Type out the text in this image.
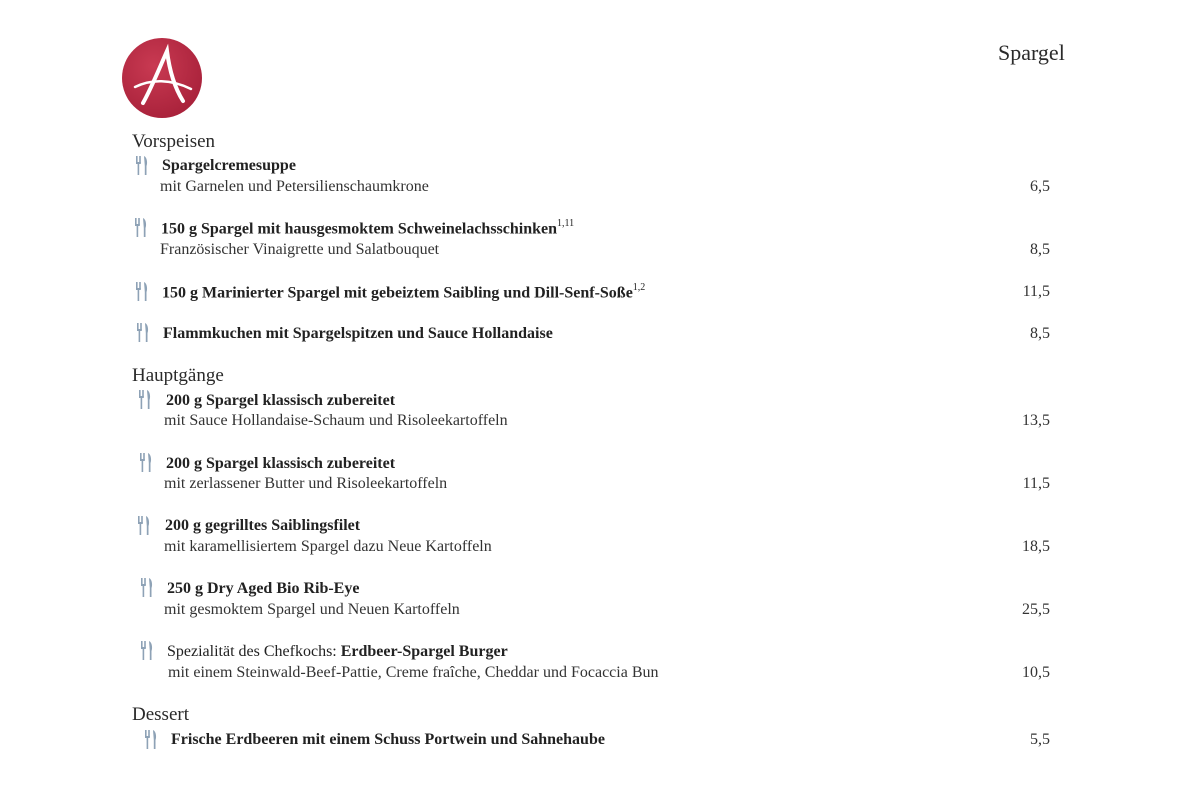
Spargel
Vorspeisen
Hauptgänge
Dessert
Spargelcremesuppe
mit Garnelen und Petersilienschaumkrone	6,5
150 g Spargel mit hausgesmoktem Schweinelachsschinken$^{1,11}$
Französischer Vinaigrette und Salatbouquet	8,5
150 g Marinierter Spargel mit gebeiztem Saibling und Dill-Senf-Soße$^{1,2}$	11,5
Flammkuchen mit Spargelspitzen und Sauce Hollandaise	8,5
200 g Spargel klassisch zubereitet
mit Sauce Hollandaise-Schaum und Risoleekartoffeln	13,5
200 g Spargel klassisch zubereitet
mit zerlassener Butter und Risoleekartoffeln	11,5
200 g gegrilltes Saiblingsfilet
mit karamellisiertem Spargel dazu Neue Kartoffeln	18,5
250 g Dry Aged Bio Rib-Eye
mit gesmoktem Spargel und Neuen Kartoffeln	25,5
Spezialität des Chefkochs: Erdbeer-Spargel Burger
mit einem Steinwald-Beef-Pattie, Creme fraîche, Cheddar und Focaccia Bun	10,5
Frische Erdbeeren mit einem Schuss Portwein und Sahnehaube	5,5
